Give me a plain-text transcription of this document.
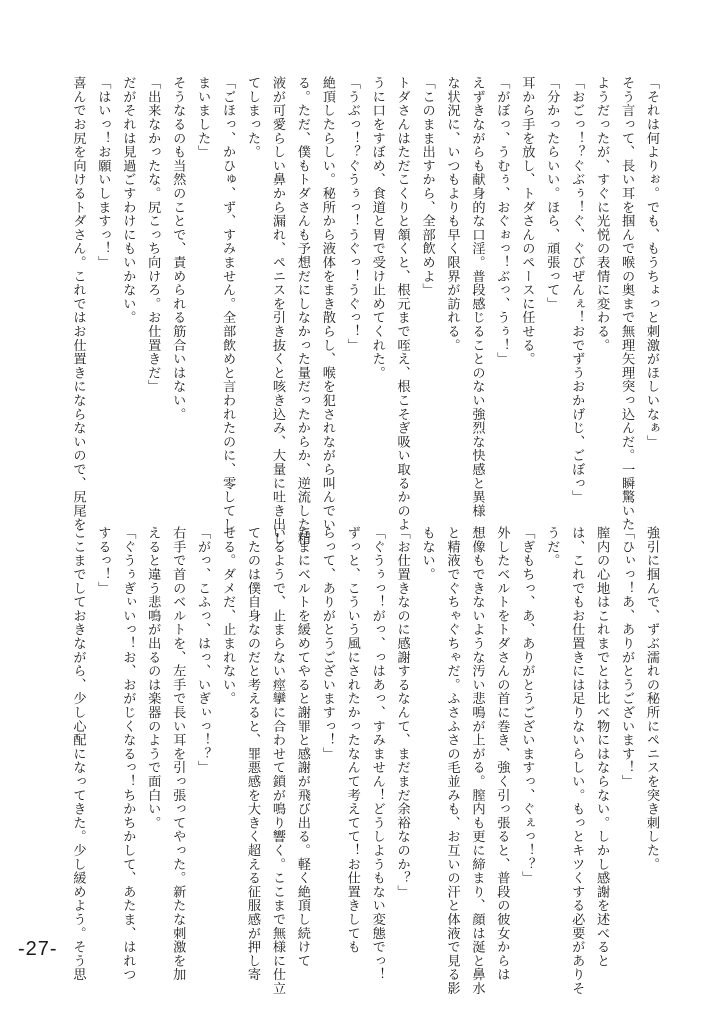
「それは何よりぉ。でも、もうちょっと刺激がほしいなぁ」
そう言って、長い耳を掴んで喉の奥まで無理矢理突っ込んだ。一瞬驚いた
ようだったが、すぐに光悦の表情に変わる。
「おごっ！？ぐぶぅ！ぐ、ぐびぜんぇ！おでずうおかげじ、ごぼっ」
「分かったらいい。ほら、頑張って」
耳から手を放し、トダさんのペースに任せる。
「がぼっ、うむぅ、おぐぉっ！ぶっ、うぅ！」
えずきながらも献身的な口淫。普段感じることのない強烈な快感と異様
な状況に、いつもよりも早く限界が訪れる。
「このまま出すから、全部飲めよ」
トダさんはただこくりと頷くと、根元まで咥え、根こそぎ吸い取るかのよ
うに口をすぼめ、食道と胃で受け止めてくれた。
「うぶっ！？ぐうぅっ！うぐっ！うぐっ！」
絶頂したらしい。秘所から液体をまき散らし、喉を犯されながら叫んでい
る。ただ、僕もトダさんも予想だにしなかった量だったからか、逆流した精
液が可愛らしい鼻から漏れ、ペニスを引き抜くと咳き込み、大量に吐き出し
てしまった。
「ごほっ、かひゅ、ず、すみません。全部飲めと言われたのに、零してし
まいました」
そうなるのも当然のことで、責められる筋合いはない。
「出来なかったな。尻こっち向けろ。お仕置きだ」
だがそれは見過ごすわけにもいかない。
「はいっ！お願いしますっ！」
喜んでお尻を向けるトダさん。これではお仕置きにならないので、尻尾を
強引に掴んで、ずぶ濡れの秘所にペニスを突き刺した。
「ひぃっ！あ、ありがとうございます！」
膣内の心地はこれまでとは比べ物にはならない。しかし感謝を述べると
は、これでもお仕置きには足りないらしい。もっとキツくする必要がありそ
うだ。
「ぎもちっ、あ、ありがとうございますっ、ぐぇっ！？」
外したベルトをトダさんの首に巻き、強く引っ張ると、普段の彼女からは
想像もできないような汚い悲鳴が上がる。膣内も更に締まり、顔は涎と鼻水
と精液でぐちゃぐちゃだ。ふさふさの毛並みも、お互いの汗と体液で見る影
もない。
「お仕置きなのに感謝するなんて、まだまだ余裕なのか？」
「ぐうぅっ！がっ、っはあっ、すみません！どうしようもない変態でっ！
ずっと、こういう風にされたかったなんて考えてて！お仕置きしても
らって、ありがとうございますっ！」
たまにベルトを緩めてやると謝罪と感謝が飛び出る。軽く絶頂し続けて
いるようで、止まらない痙攣に合わせて鎖が鳴り響く。ここまで無様に仕立
てたのは僕自身なのだと考えると、罪悪感を大きく超える征服感が押し寄
せる。ダメだ、止まれない。
「がっ、こふっ、はっ、いぎぃっ！？」
右手で首のベルトを、左手で長い耳を引っ張ってやった。新たな刺激を加
えると違う悲鳴が出るのは楽器のようで面白い。
「ぐうぅぎぃいっ！お、おがじくなるっ！ちかちかして、あたま、はれつ
するっ！」
ここまでしておきながら、少し心配になってきた。少し緩めよう。そう思
-27-
